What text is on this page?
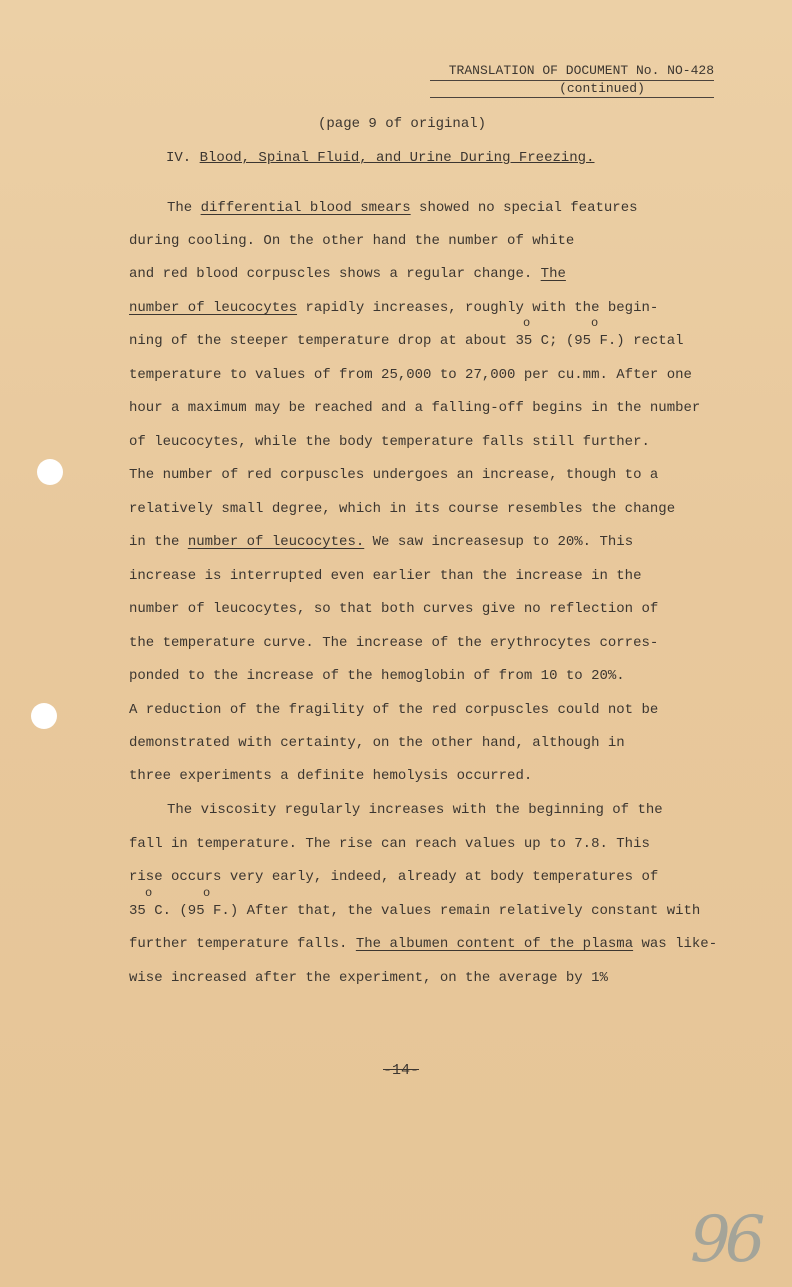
TRANSLATION OF DOCUMENT No. NO-428
(continued)
(page 9 of original)
IV. Blood, Spinal Fluid, and Urine During Freezing.
The differential blood smears showed no special features
during cooling. On the other hand the number of white
and red blood corpuscles shows a regular change. The
number of leucocytes rapidly increases, roughly with the begin-
o	o
ning of the steeper temperature drop at about 35 C; (95 F.) rectal
temperature to values of from 25,000 to 27,000 per cu.mm. After one
hour a maximum may be reached and a falling-off begins in the number
of leucocytes, while the body temperature falls still further.
The number of red corpuscles undergoes an increase, though to a
relatively small degree, which in its course resembles the change
in the number of leucocytes. We saw increasesup to 20%. This
increase is interrupted even earlier than the increase in the
number of leucocytes, so that both curves give no reflection of
the temperature curve. The increase of the erythrocytes corres-
ponded to the increase of the hemoglobin of from 10 to 20%.
A reduction of the fragility of the red corpuscles could not be
demonstrated with certainty, on the other hand, although in
three experiments a definite hemolysis occurred.
The viscosity regularly increases with the beginning of the
fall in temperature. The rise can reach values up to 7.8. This
rise occurs very early, indeed, already at body temperatures of
o	o
35 C. (95 F.) After that, the values remain relatively constant with
further temperature falls. The albumen content of the plasma was like-
wise increased after the experiment, on the average by 1%
-14-
96
